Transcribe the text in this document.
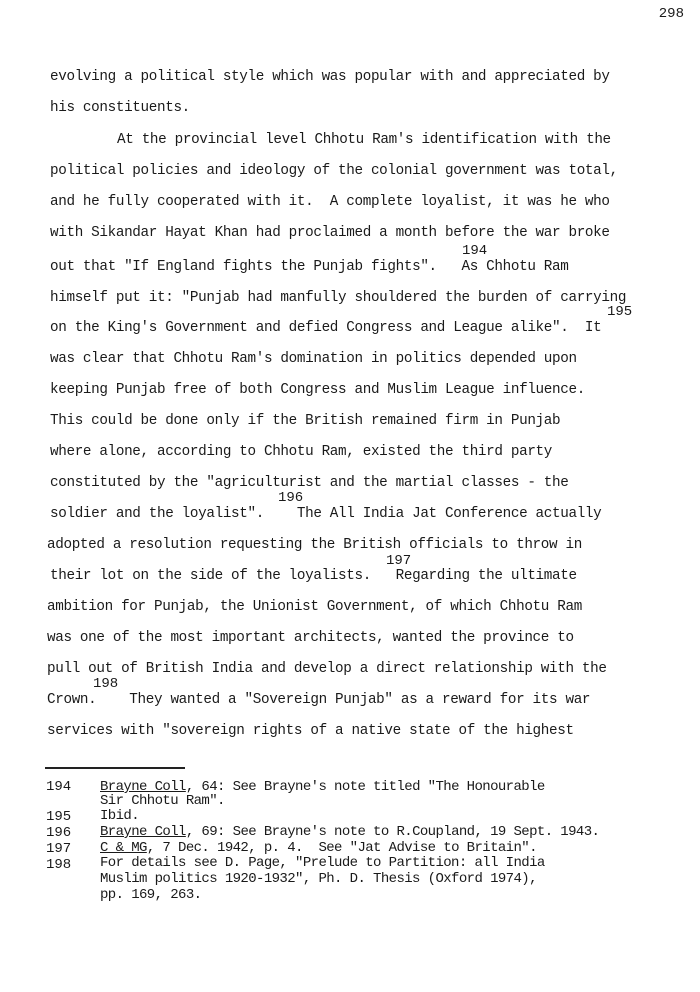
298
evolving a political style which was popular with and appreciated by
his constituents.
At the provincial level Chhotu Ram's identification with the
political policies and ideology of the colonial government was total,
and he fully cooperated with it.  A complete loyalist, it was he who
with Sikandar Hayat Khan had proclaimed a month before the war broke
194
out that "If England fights the Punjab fights".   As Chhotu Ram
himself put it: "Punjab had manfully shouldered the burden of carrying
195
on the King's Government and defied Congress and League alike".  It
was clear that Chhotu Ram's domination in politics depended upon
keeping Punjab free of both Congress and Muslim League influence.
This could be done only if the British remained firm in Punjab
where alone, according to Chhotu Ram, existed the third party
constituted by the "agriculturist and the martial classes - the
196
soldier and the loyalist".    The All India Jat Conference actually
adopted a resolution requesting the British officials to throw in
197
their lot on the side of the loyalists.   Regarding the ultimate
ambition for Punjab, the Unionist Government, of which Chhotu Ram
was one of the most important architects, wanted the province to
pull out of British India and develop a direct relationship with the
198
Crown.    They wanted a "Sovereign Punjab" as a reward for its war
services with "sovereign rights of a native state of the highest
194 Brayne Coll, 64: See Brayne's note titled "The Honourable
Sir Chhotu Ram".
195 Ibid.
196 Brayne Coll, 69: See Brayne's note to R.Coupland, 19 Sept. 1943.
197 C & MG, 7 Dec. 1942, p. 4.  See "Jat Advise to Britain".
198 For details see D. Page, "Prelude to Partition: all India
Muslim politics 1920-1932", Ph. D. Thesis (Oxford 1974),
pp. 169, 263.
